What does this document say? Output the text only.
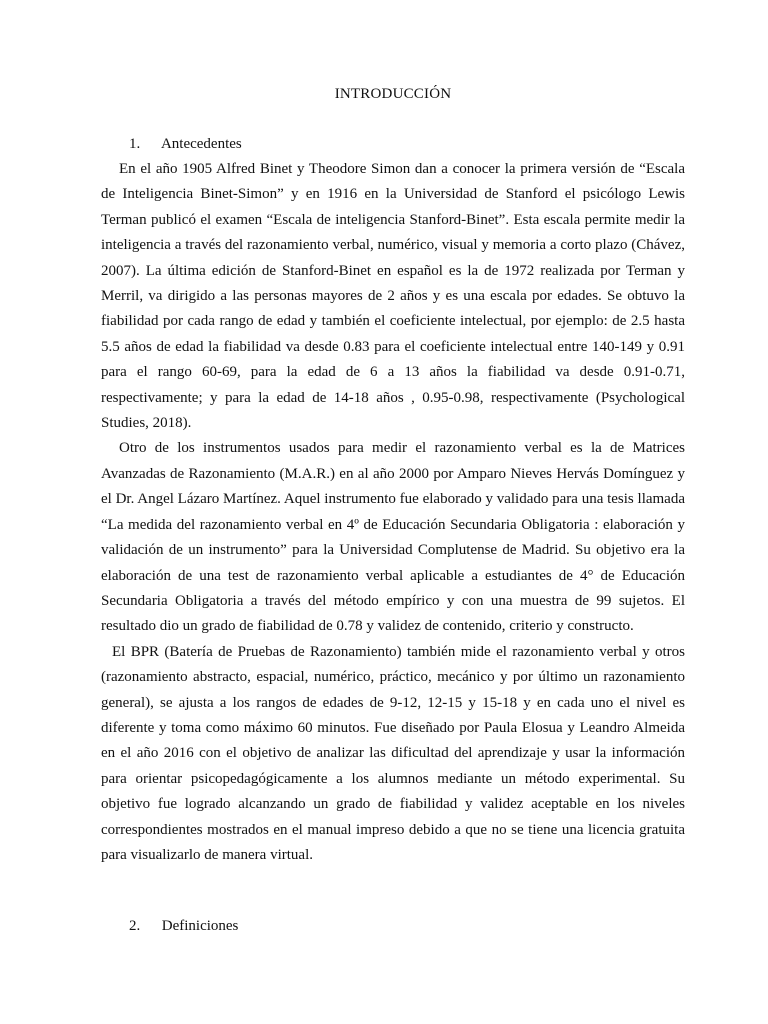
INTRODUCCIÓN
1. Antecedentes

En el año 1905 Alfred Binet y Theodore Simon dan a conocer la primera versión de “Escala de Inteligencia Binet-Simon” y en 1916 en la Universidad de Stanford el psicólogo Lewis Terman publicó el examen “Escala de inteligencia Stanford-Binet”. Esta escala permite medir la inteligencia a través del razonamiento verbal, numérico, visual y memoria a corto plazo (Chávez, 2007). La última edición de Stanford-Binet en español es la de 1972 realizada por Terman y Merril, va dirigido a las personas mayores de 2 años y es una escala por edades. Se obtuvo la fiabilidad por cada rango de edad y también el coeficiente intelectual, por ejemplo: de 2.5 hasta 5.5 años de edad la fiabilidad va desde 0.83 para el coeficiente intelectual entre 140-149 y 0.91 para el rango 60-69, para la edad de 6 a 13 años la fiabilidad va desde 0.91-0.71, respectivamente; y para la edad de 14-18 años , 0.95-0.98, respectivamente (Psychological Studies, 2018).

Otro de los instrumentos usados para medir el razonamiento verbal es la de Matrices Avanzadas de Razonamiento (M.A.R.) en al año 2000 por Amparo Nieves Hervás Domínguez y el Dr. Angel Lázaro Martínez. Aquel instrumento fue elaborado y validado para una tesis llamada “La medida del razonamiento verbal en 4º de Educación Secundaria Obligatoria : elaboración y validación de un instrumento” para la Universidad Complutense de Madrid. Su objetivo era la elaboración de una test de razonamiento verbal aplicable a estudiantes de 4° de Educación Secundaria Obligatoria a través del método empírico y con una muestra de 99 sujetos. El resultado dio un grado de fiabilidad de 0.78 y validez de contenido, criterio y constructo.

El BPR (Batería de Pruebas de Razonamiento) también mide el razonamiento verbal y otros (razonamiento abstracto, espacial, numérico, práctico, mecánico y por último un razonamiento general), se ajusta a los rangos de edades de 9-12, 12-15 y 15-18 y en cada uno el nivel es diferente y toma como máximo 60 minutos. Fue diseñado por Paula Elosua y Leandro Almeida en el año 2016 con el objetivo de analizar las dificultad del aprendizaje y usar la información para orientar psicopedagógicamente a los alumnos mediante un método experimental. Su objetivo fue logrado alcanzando un grado de fiabilidad y validez aceptable en los niveles correspondientes mostrados en el manual impreso debido a que no se tiene una licencia gratuita para visualizarlo de manera virtual.

2. Definiciones
